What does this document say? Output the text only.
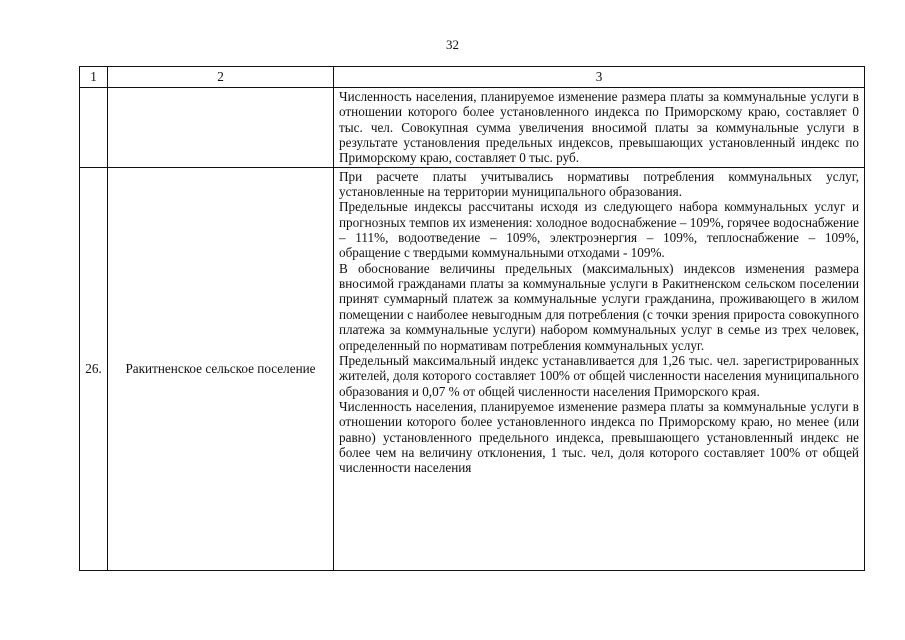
32
1	2	3

		Численность населения, планируемое изменение размера платы за коммунальные услуги в отношении которого более установленного индекса по Приморскому краю, составляет 0 тыс. чел. Совокупная сумма увеличения вносимой платы за коммунальные услуги в результате установления предельных индексов, превышающих установленный индекс по Приморскому краю, составляет 0 тыс. руб.

26.	Ракитненское сельское поселение	При расчете платы учитывались нормативы потребления коммунальных услуг, установленные на территории муниципального образования.

Предельные индексы рассчитаны исходя из следующего набора коммунальных услуг и прогнозных темпов их изменения: холодное водоснабжение – 109%, горячее водоснабжение – 111%, водоотведение – 109%, электроэнергия – 109%, теплоснабжение – 109%, обращение с твердыми коммунальными отходами - 109%.

В обоснование величины предельных (максимальных) индексов изменения размера вносимой гражданами платы за коммунальные услуги в Ракитненском сельском поселении принят суммарный платеж за коммунальные услуги гражданина, проживающего в жилом помещении с наиболее невыгодным для потребления (с точки зрения прироста совокупного платежа за коммунальные услуги) набором коммунальных услуг в семье из трех человек, определенный по нормативам потребления коммунальных услуг.

Предельный максимальный индекс устанавливается для 1,26 тыс. чел. зарегистрированных жителей, доля которого составляет 100% от общей численности населения муниципального образования и 0,07 % от общей численности населения Приморского края.

Численность населения, планируемое изменение размера платы за коммунальные услуги в отношении которого более установленного индекса по Приморскому краю, но менее (или равно) установленного предельного индекса, превышающего установленный индекс не более чем на величину отклонения, 1 тыс. чел, доля которого составляет 100% от общей численности населения
